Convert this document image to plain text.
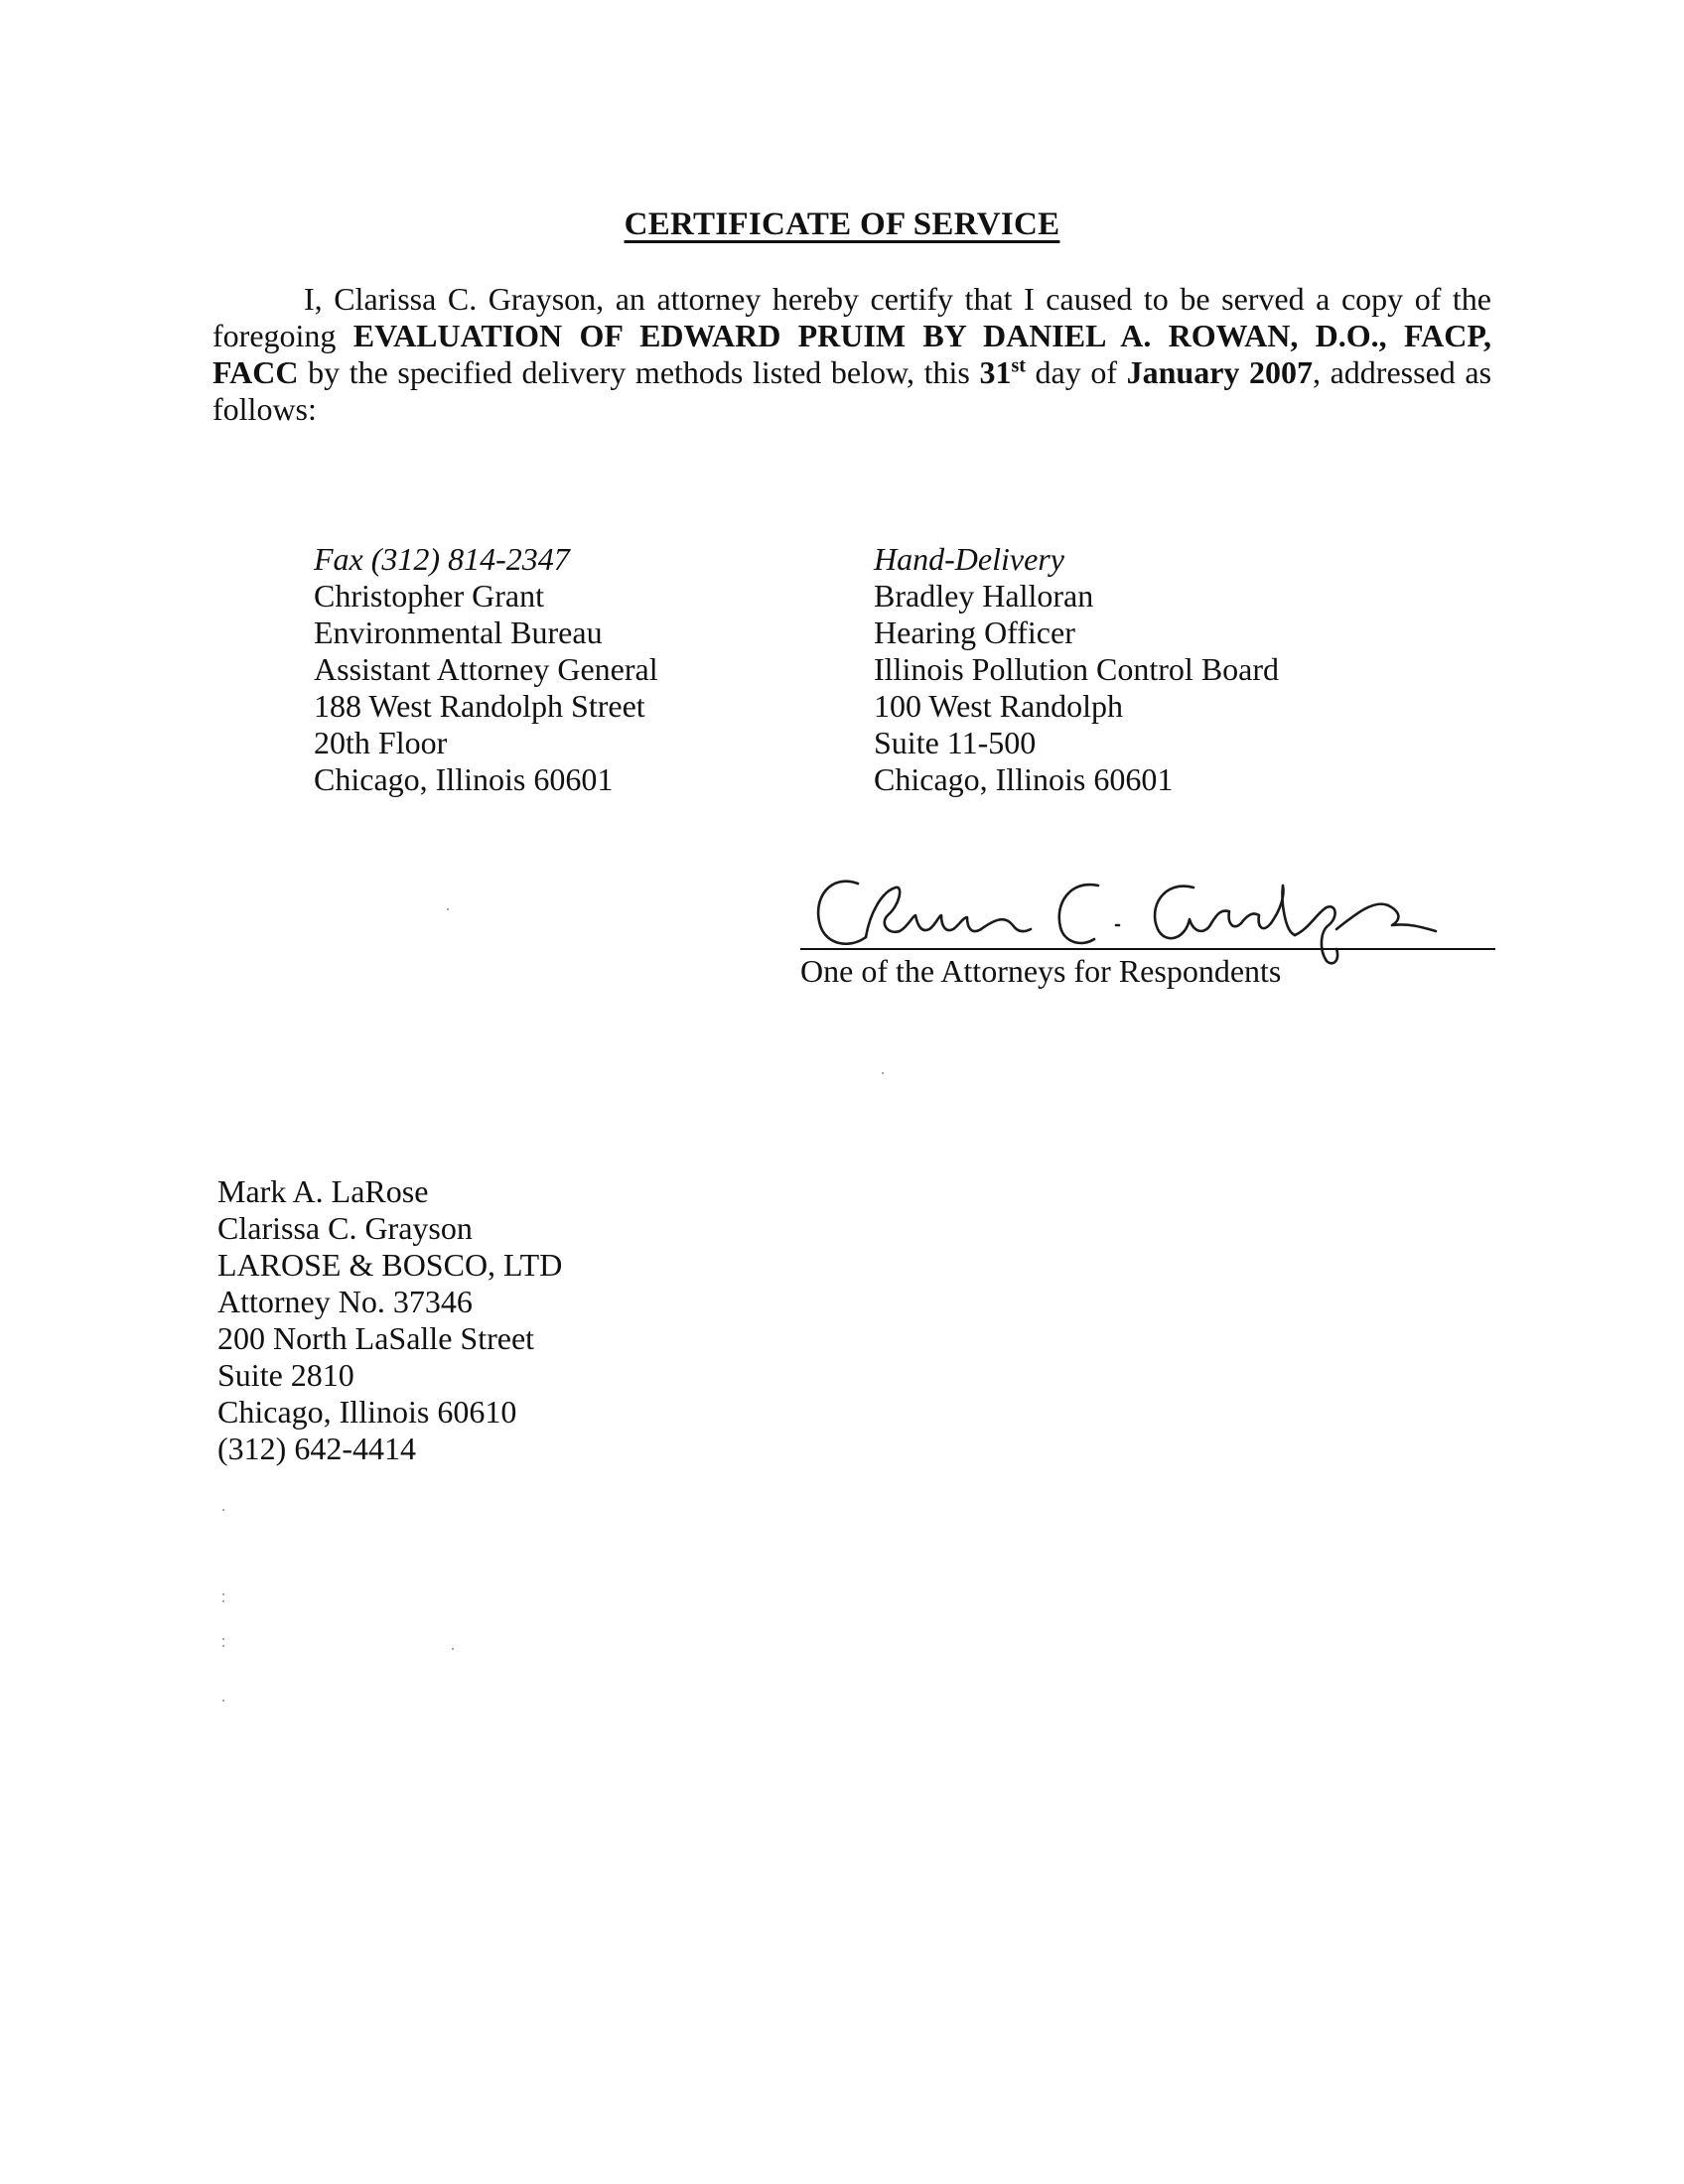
CERTIFICATE OF SERVICE

I, Clarissa C. Grayson, an attorney hereby certify that I caused to be served a copy of the foregoing EVALUATION OF EDWARD PRUIM BY DANIEL A. ROWAN, D.O., FACP, FACC by the specified delivery methods listed below, this 31st day of January 2007, addressed as follows:

Fax (312) 814-2347
Christopher Grant
Environmental Bureau
Assistant Attorney General
188 West Randolph Street
20th Floor
Chicago, Illinois 60601
Hand-Delivery
Bradley Halloran
Hearing Officer
Illinois Pollution Control Board
100 West Randolph
Suite 11-500
Chicago, Illinois 60601
One of the Attorneys for Respondents
Mark A. LaRose
Clarissa C. Grayson
LAROSE & BOSCO, LTD
Attorney No. 37346
200 North LaSalle Street
Suite 2810
Chicago, Illinois 60610
(312) 642-4414
